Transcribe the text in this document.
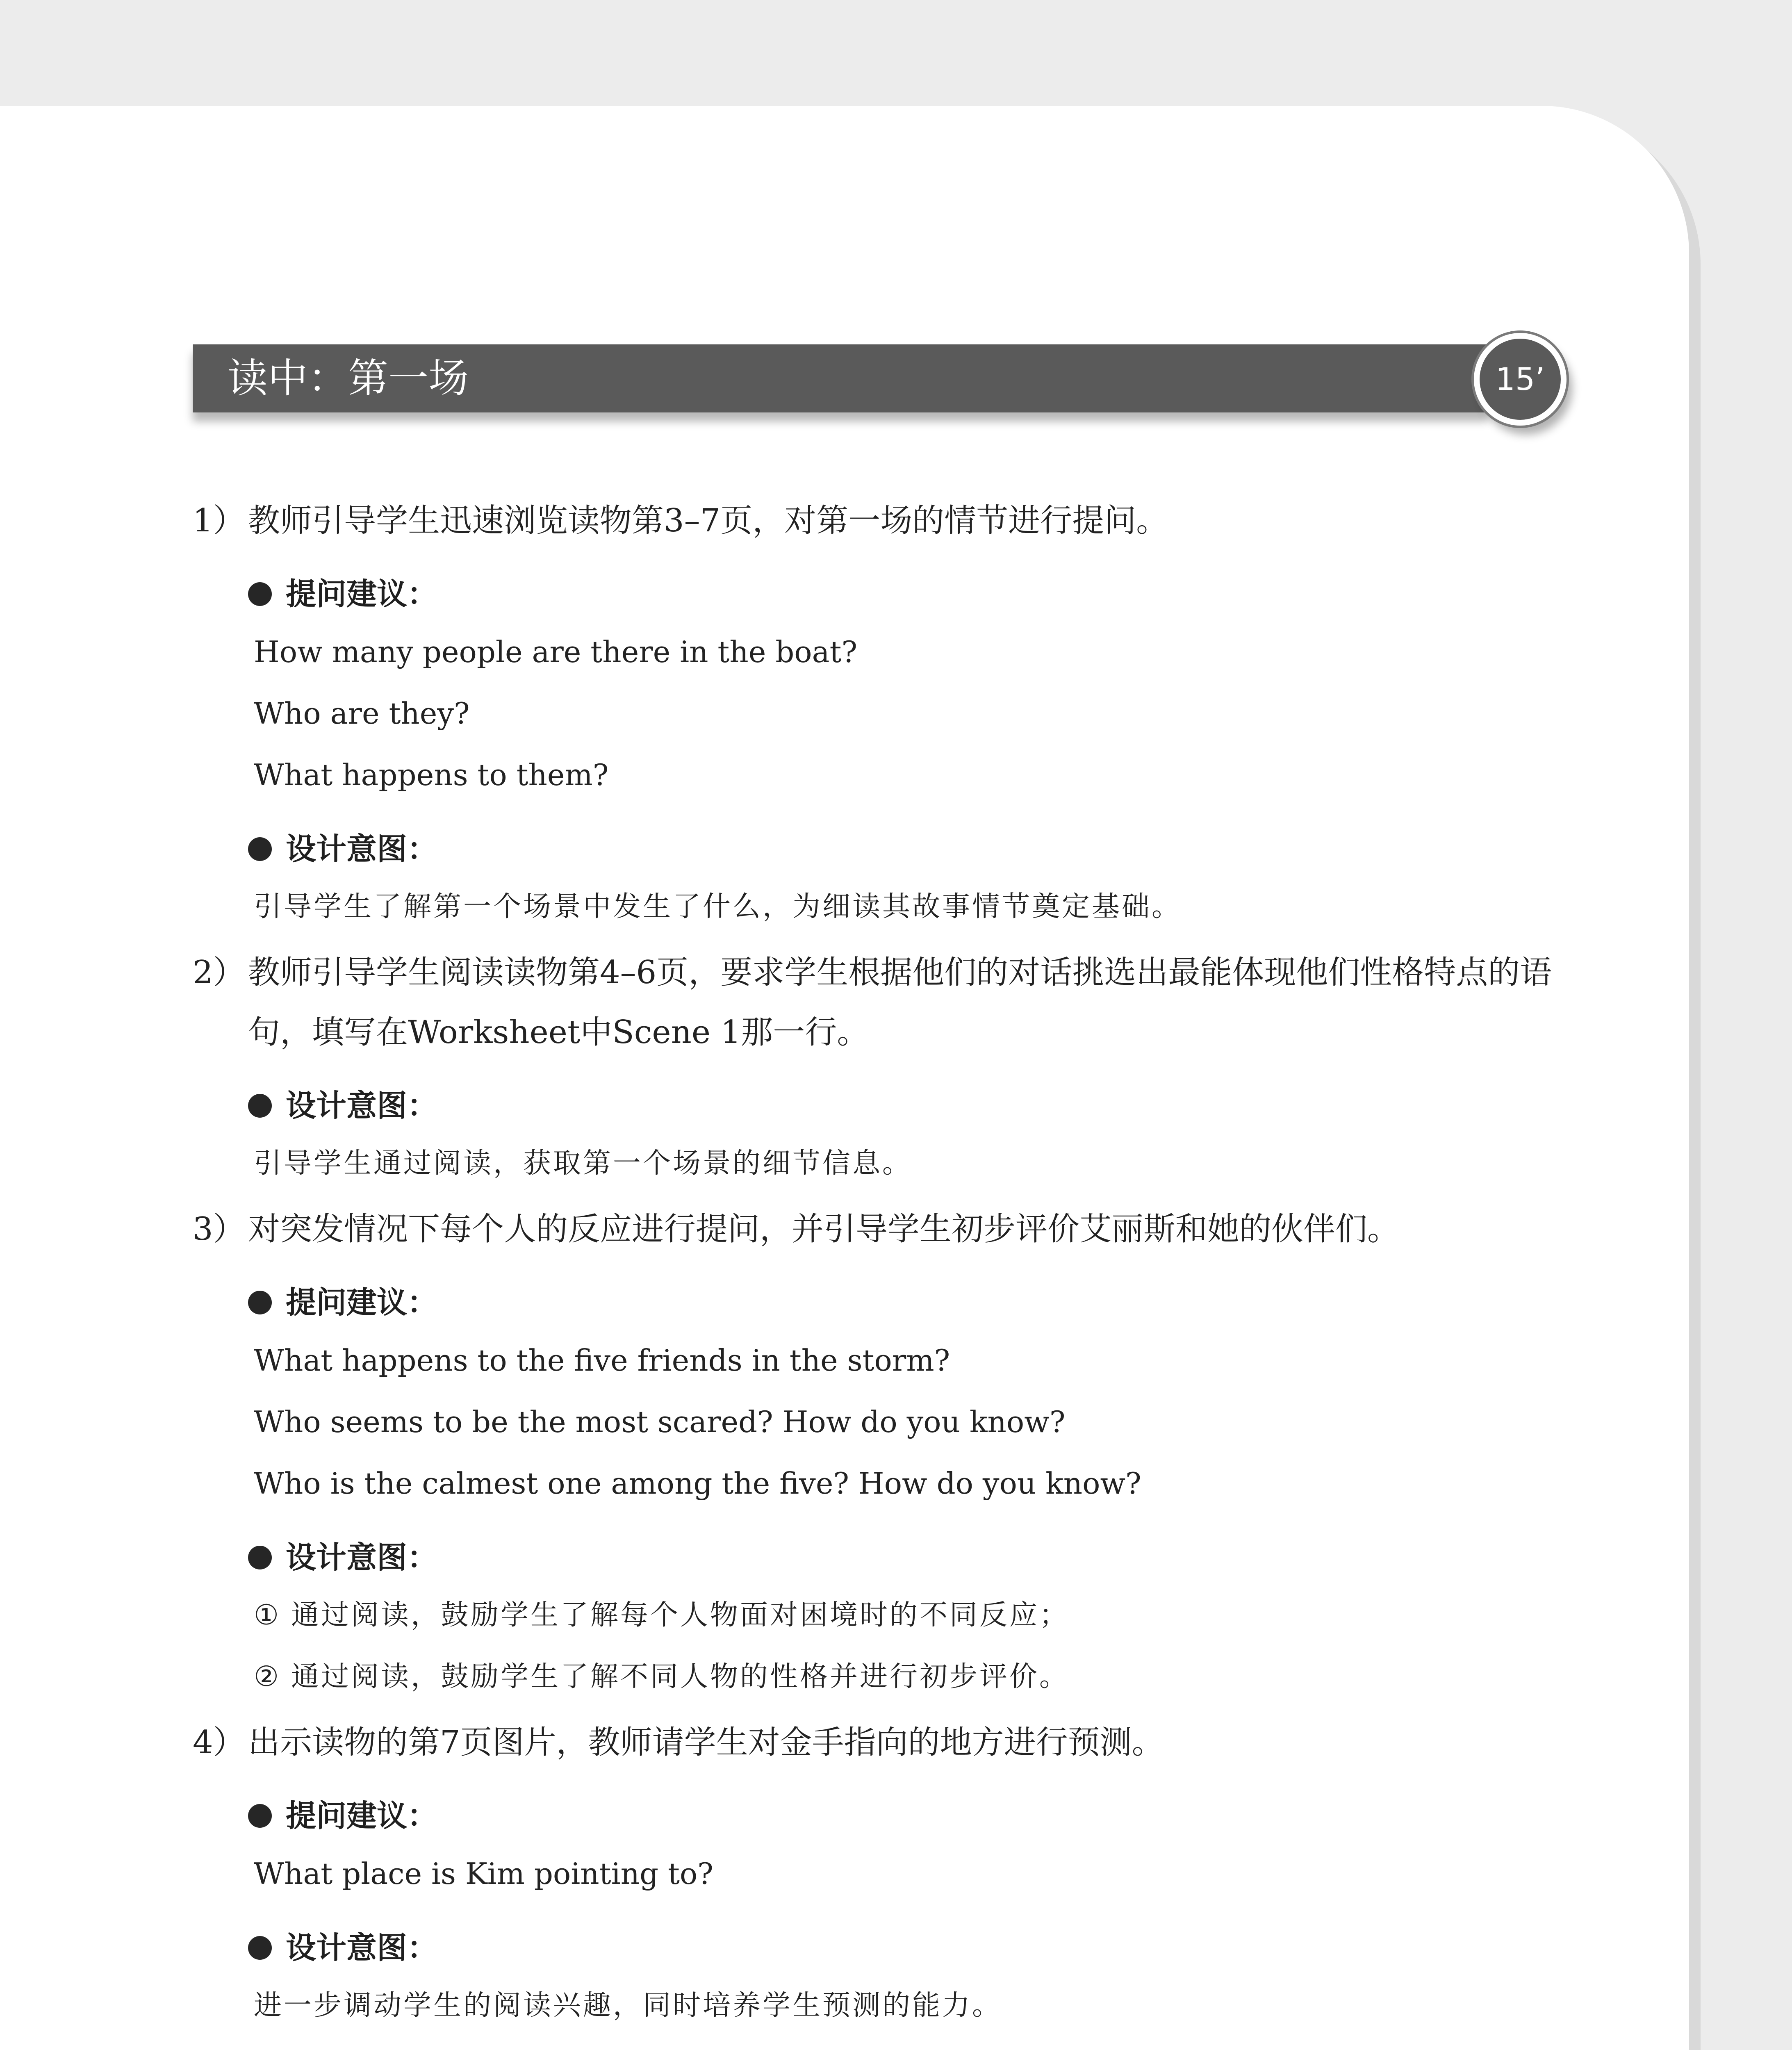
读中：第一场	15’
1） 教师引导学生迅速浏览读物第3–7页，对第一场的情节进行提问。
提问建议：
How many people are there in the boat?
Who are they?
What happens to them?
设计意图：
引导学生了解第一个场景中发生了什么，为细读其故事情节奠定基础。
2） 教师引导学生阅读读物第4–6页，要求学生根据他们的对话挑选出最能体现他们性格特点的语句，填写在Worksheet中Scene 1那一行。
设计意图：
引导学生通过阅读，获取第一个场景的细节信息。
3） 对突发情况下每个人的反应进行提问，并引导学生初步评价艾丽斯和她的伙伴们。
提问建议：
What happens to the five friends in the storm?
Who seems to be the most scared? How do you know?
Who is the calmest one among the five? How do you know?
设计意图：
① 通过阅读，鼓励学生了解每个人物面对困境时的不同反应；
② 通过阅读，鼓励学生了解不同人物的性格并进行初步评价。
4） 出示读物的第7页图片，教师请学生对金手指向的地方进行预测。
提问建议：
What place is Kim pointing to?
设计意图：
进一步调动学生的阅读兴趣，同时培养学生预测的能力。
